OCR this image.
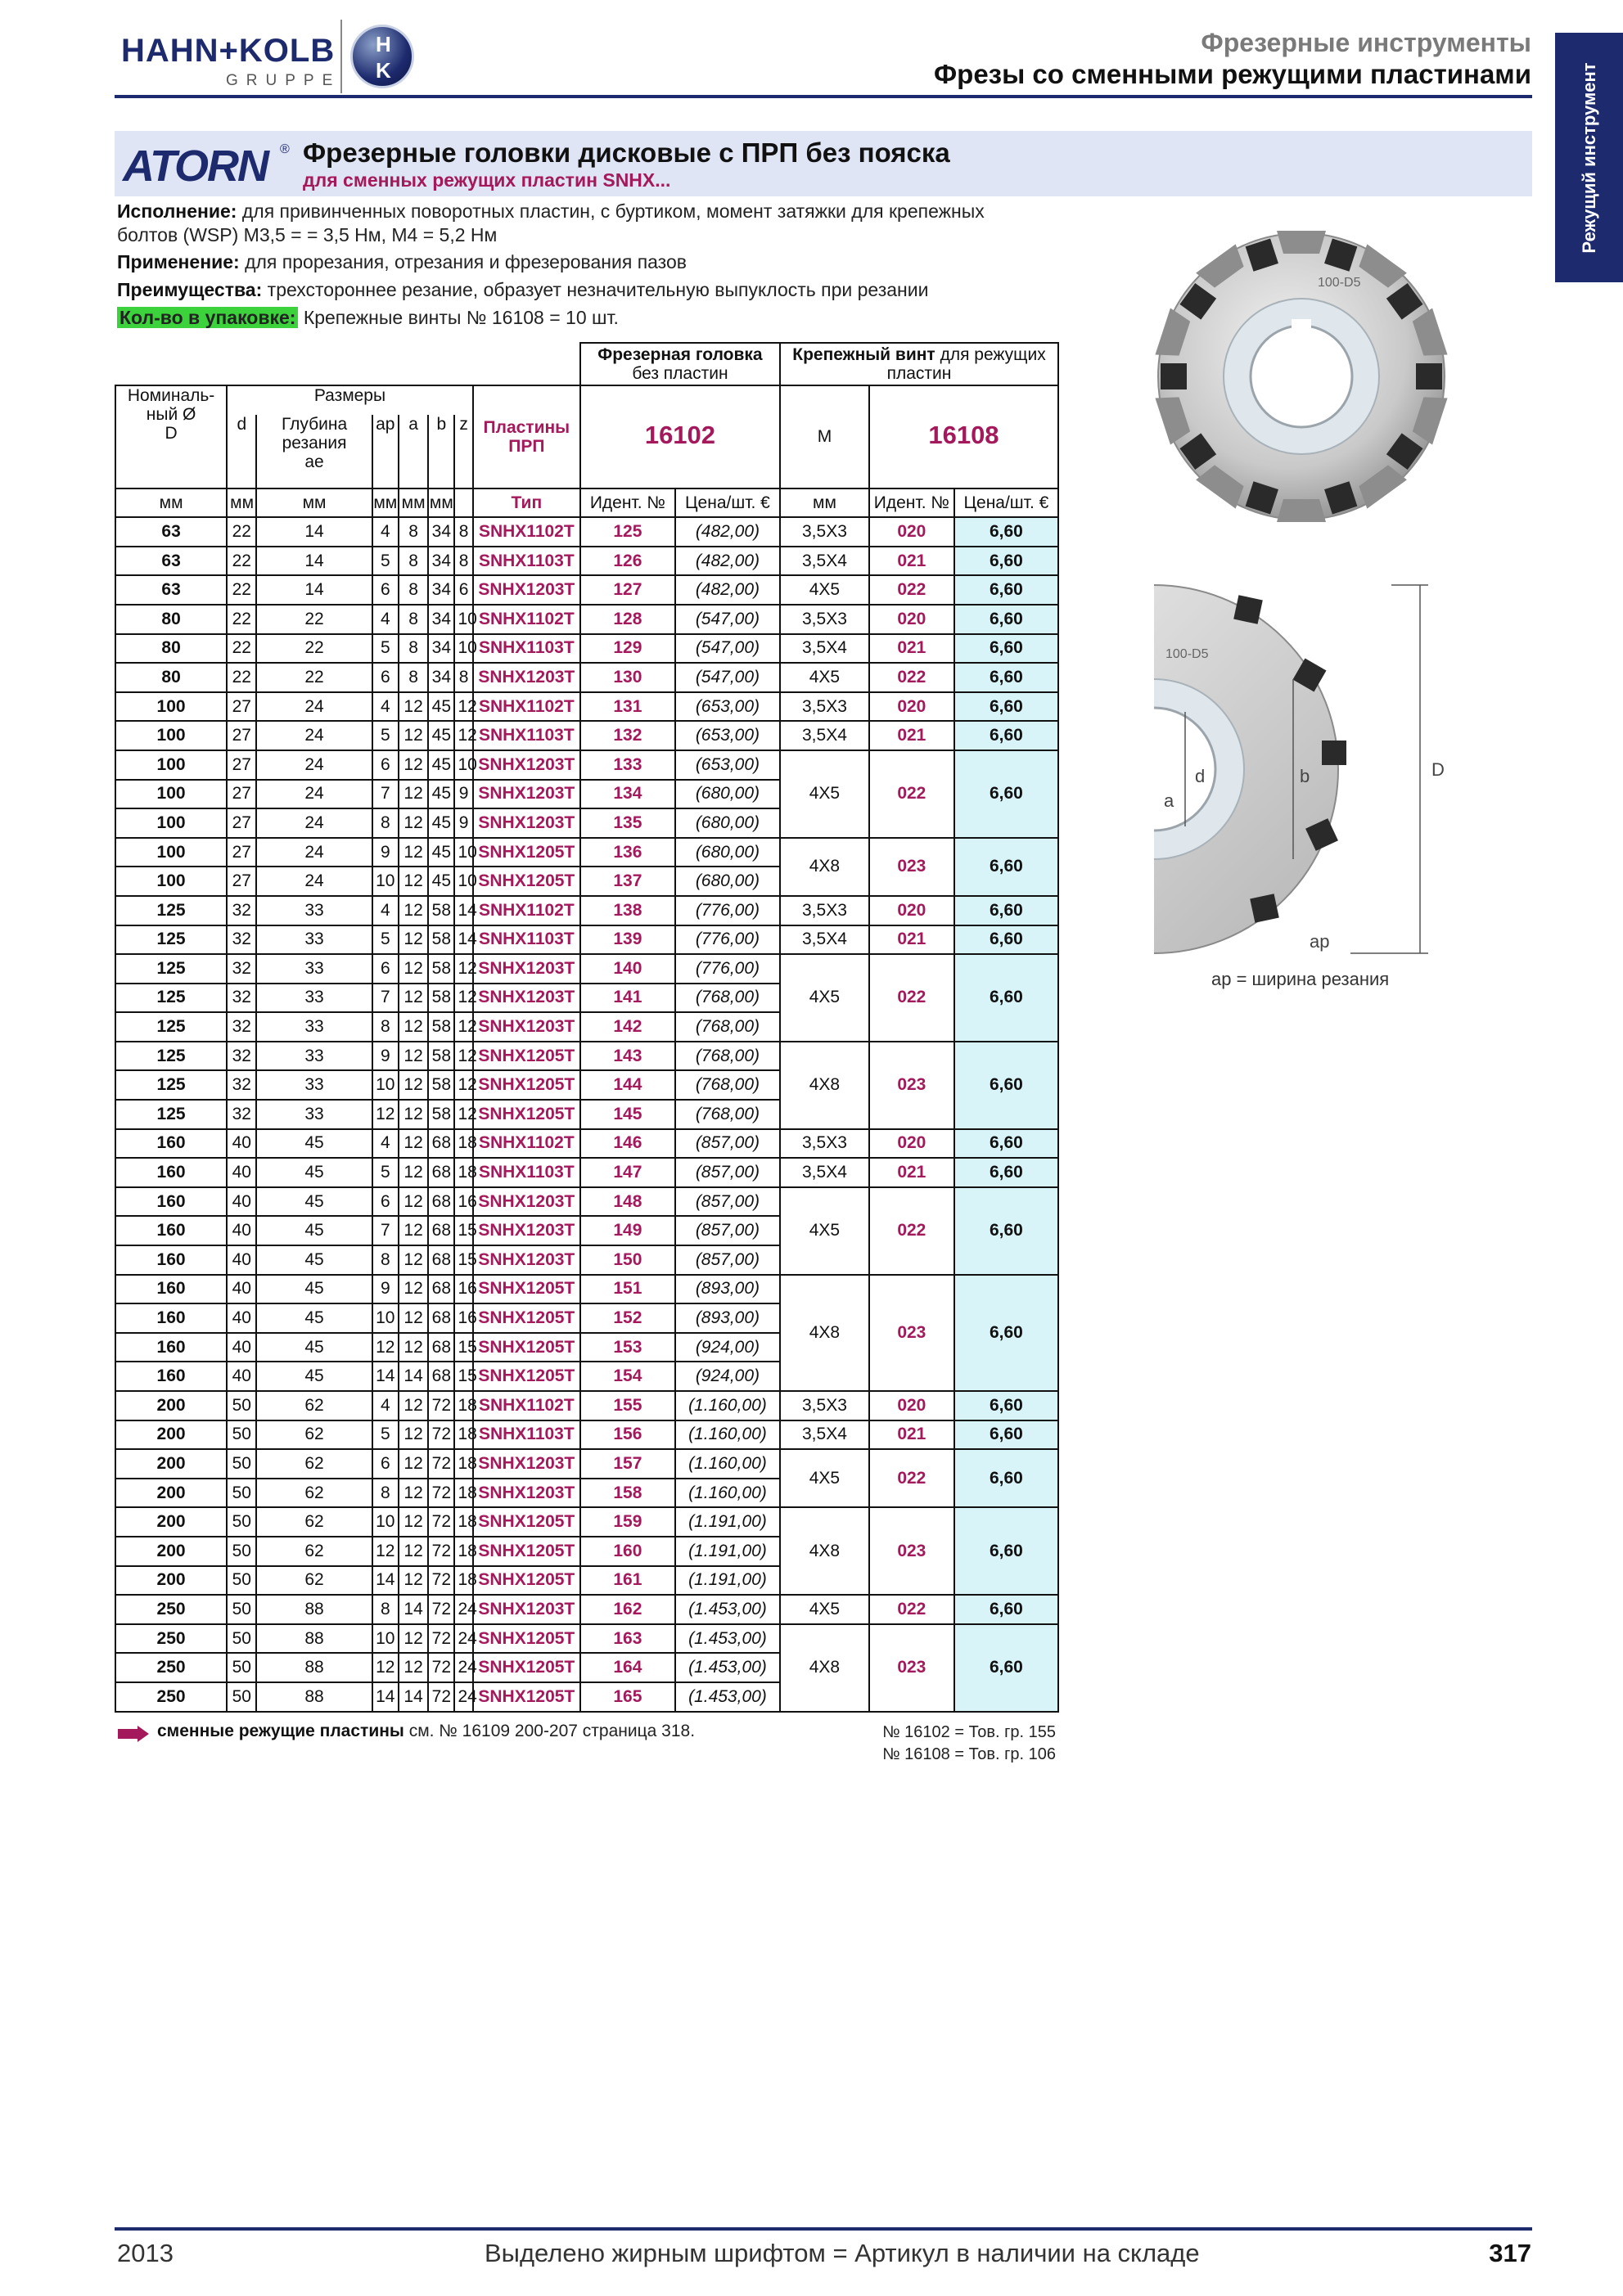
HAHN+KOLB
GRUPPE
H
K
Фрезерные инструменты
Фрезы со сменными режущими пластинами	Режущий инструмент
ATORN ® Фрезерные головки дисковые с ПРП без пояска
для сменных режущих пластин SNHX...
Исполнение: для привинченных поворотных пластин, с буртиком, момент затяжки для крепежных
болтов (WSP) М3,5 = = 3,5 Нм, М4 = 5,2 Нм
Применение: для прорезания, отрезания и фрезерования пазов
Преимущества: трехстороннее резание, образует незначительную выпуклость при резании
Кол-во в упаковке: Крепежные винты № 16108 = 10 шт.
								Фрезерная головка
без пластин		Крепежный винт для режущих
пластин		
Номиналь-
ный Ø
D	Размеры						Пластины
ПРП	16102		M	16108	
	d	Глубина
резания
ae	ap	a	b	z						
мм	мм	мм	мм	мм	мм		Тип	Идент. №	Цена/шт. €	мм	Идент. №	Цена/шт. €
63	22	14	4	8	34	8	SNHX1102T	125	(482,00)	3,5X3	020	6,60
63	22	14	5	8	34	8	SNHX1103T	126	(482,00)	3,5X4	021	6,60
63	22	14	6	8	34	6	SNHX1203T	127	(482,00)	4X5	022	6,60
80	22	22	4	8	34	10	SNHX1102T	128	(547,00)	3,5X3	020	6,60
80	22	22	5	8	34	10	SNHX1103T	129	(547,00)	3,5X4	021	6,60
80	22	22	6	8	34	8	SNHX1203T	130	(547,00)	4X5	022	6,60
100	27	24	4	12	45	12	SNHX1102T	131	(653,00)	3,5X3	020	6,60
100	27	24	5	12	45	12	SNHX1103T	132	(653,00)	3,5X4	021	6,60
100	27	24	6	12	45	10	SNHX1203T	133	(653,00)	4X5	022	6,60
100	27	24	7	12	45	9	SNHX1203T	134	(680,00)			
100	27	24	8	12	45	9	SNHX1203T	135	(680,00)			
100	27	24	9	12	45	10	SNHX1205T	136	(680,00)	4X8	023	6,60
100	27	24	10	12	45	10	SNHX1205T	137	(680,00)			
125	32	33	4	12	58	14	SNHX1102T	138	(776,00)	3,5X3	020	6,60
125	32	33	5	12	58	14	SNHX1103T	139	(776,00)	3,5X4	021	6,60
125	32	33	6	12	58	12	SNHX1203T	140	(776,00)	4X5	022	6,60
125	32	33	7	12	58	12	SNHX1203T	141	(768,00)			
125	32	33	8	12	58	12	SNHX1203T	142	(768,00)			
125	32	33	9	12	58	12	SNHX1205T	143	(768,00)	4X8	023	6,60
125	32	33	10	12	58	12	SNHX1205T	144	(768,00)			
125	32	33	12	12	58	12	SNHX1205T	145	(768,00)			
160	40	45	4	12	68	18	SNHX1102T	146	(857,00)	3,5X3	020	6,60
160	40	45	5	12	68	18	SNHX1103T	147	(857,00)	3,5X4	021	6,60
160	40	45	6	12	68	16	SNHX1203T	148	(857,00)	4X5	022	6,60
160	40	45	7	12	68	15	SNHX1203T	149	(857,00)			
160	40	45	8	12	68	15	SNHX1203T	150	(857,00)			
160	40	45	9	12	68	16	SNHX1205T	151	(893,00)	4X8	023	6,60
160	40	45	10	12	68	16	SNHX1205T	152	(893,00)			
160	40	45	12	12	68	15	SNHX1205T	153	(924,00)			
160	40	45	14	14	68	15	SNHX1205T	154	(924,00)			
200	50	62	4	12	72	18	SNHX1102T	155	(1.160,00)	3,5X3	020	6,60
200	50	62	5	12	72	18	SNHX1103T	156	(1.160,00)	3,5X4	021	6,60
200	50	62	6	12	72	18	SNHX1203T	157	(1.160,00)	4X5	022	6,60
200	50	62	8	12	72	18	SNHX1203T	158	(1.160,00)			
200	50	62	10	12	72	18	SNHX1205T	159	(1.191,00)	4X8	023	6,60
200	50	62	12	12	72	18	SNHX1205T	160	(1.191,00)			
200	50	62	14	12	72	18	SNHX1205T	161	(1.191,00)			
250	50	88	8	14	72	24	SNHX1203T	162	(1.453,00)	4X5	022	6,60
250	50	88	10	12	72	24	SNHX1205T	163	(1.453,00)	4X8	023	6,60
250	50	88	12	12	72	24	SNHX1205T	164	(1.453,00)			
250	50	88	14	14	72	24	SNHX1205T	165	(1.453,00)			
сменные режущие пластины см. № 16109 200-207 страница 318.	№ 16102 = Тов. гр. 155
№ 16108 = Тов. гр. 106
100-D5
100-D5
D
d	b
a
ap
ap = ширина резания
2013	Выделено жирным шрифтом = Артикул в наличии на складе	317
